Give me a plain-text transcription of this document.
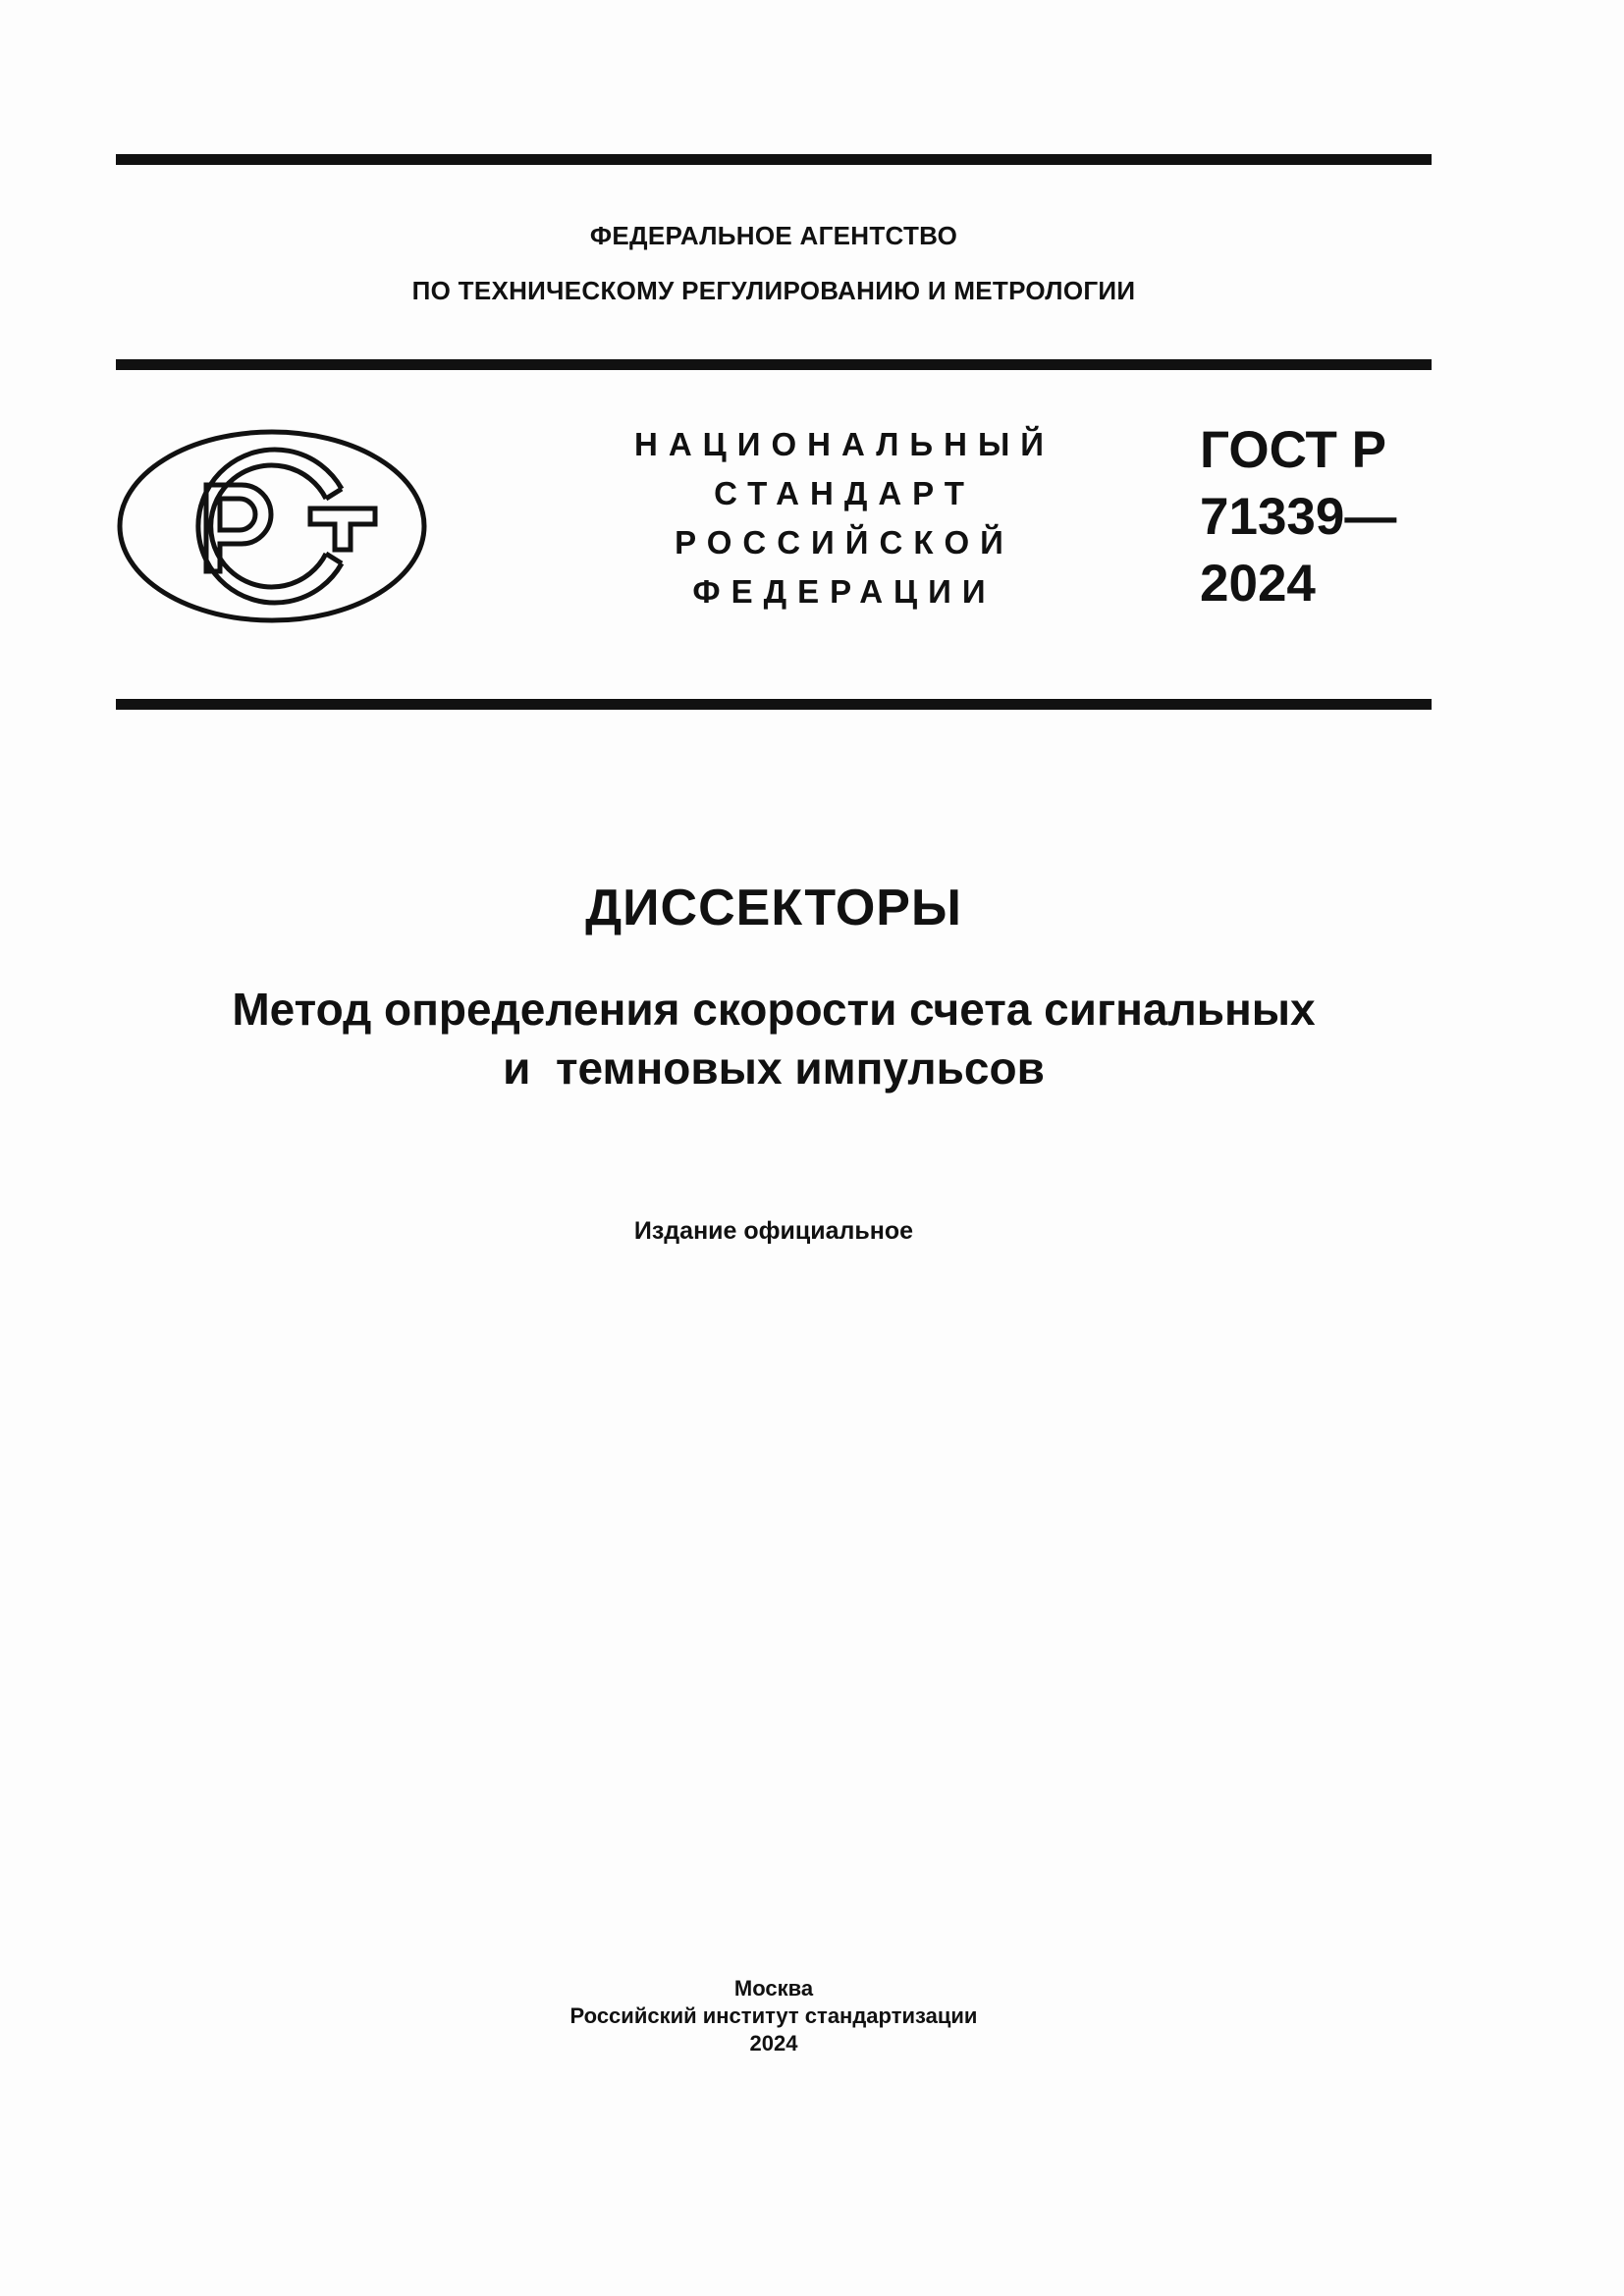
ФЕДЕРАЛЬНОЕ АГЕНТСТВО
ПО ТЕХНИЧЕСКОМУ РЕГУЛИРОВАНИЮ И МЕТРОЛОГИИ
НАЦИОНАЛЬНЫЙ
СТАНДАРТ
РОССИЙСКОЙ
ФЕДЕРАЦИИ
ГОСТ Р
71339—
2024
ДИССЕКТОРЫ
Метод определения скорости счета сигнальных
и  темновых импульсов
Издание официальное
Москва
Российский институт стандартизации
2024
